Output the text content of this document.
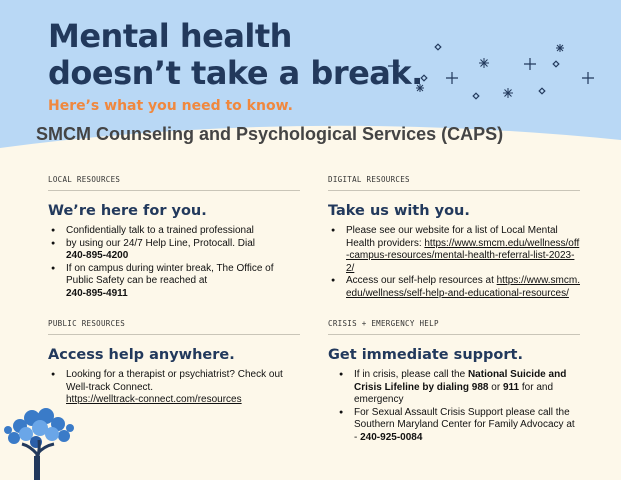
Mental health
doesn’t take a break.
Here’s what you need to know.
SMCM Counseling and Psychological Services (CAPS)
LOCAL RESOURCES
We’re here for you.
● Confidentially talk to a trained professional
● by using our 24/7 Help Line, Protocall. Dial
240-895-4200
● If on campus during winter break, The Office of Public Safety can be reached at
240-895-4911
DIGITAL RESOURCES
Take us with you.
● Please see our website for a list of Local Mental Health providers: https://www.smcm.edu/wellness/off-campus-resources/mental-health-referral-list-2023-2/
● Access our self-help resources at https://www.smcm.edu/wellness/self-help-and-educational-resources/
PUBLIC RESOURCES
Access help anywhere.
● Looking for a therapist or psychiatrist? Check out Well-track Connect.
https://welltrack-connect.com/resources
CRISIS + EMERGENCY HELP
Get immediate support.
● If in crisis, please call the National Suicide and Crisis Lifeline by dialing 988 or 911 for and emergency
● For Sexual Assault Crisis Support please call the Southern Maryland Center for Family Advocacy at - 240-925-0084
